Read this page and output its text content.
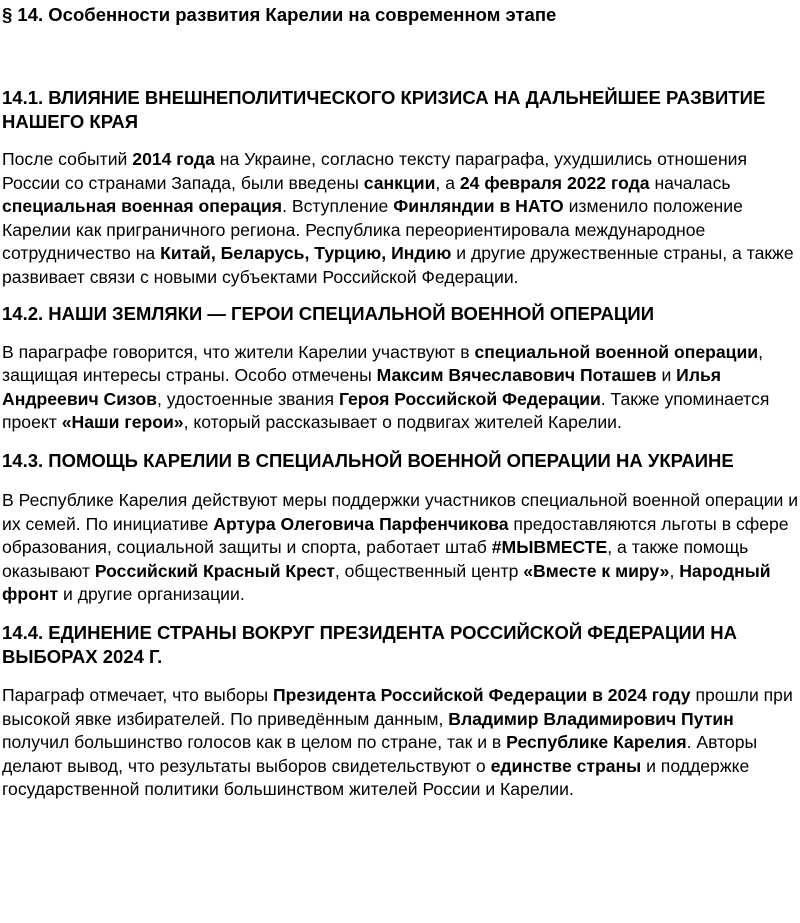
§ 14. Особенности развития Карелии на современном этапе
14.1. ВЛИЯНИЕ ВНЕШНЕПОЛИТИЧЕСКОГО КРИЗИСА НА ДАЛЬНЕЙШЕЕ РАЗВИТИЕ НАШЕГО КРАЯ

После событий 2014 года на Украине, согласно тексту параграфа, ухудшились отношения России со странами Запада, были введены санкции, а 24 февраля 2022 года началась специальная военная операция. Вступление Финляндии в НАТО изменило положение Карелии как приграничного региона. Республика переориентировала международное сотрудничество на Китай, Беларусь, Турцию, Индию и другие дружественные страны, а также развивает связи с новыми субъектами Российской Федерации.

14.2. НАШИ ЗЕМЛЯКИ — ГЕРОИ СПЕЦИАЛЬНОЙ ВОЕННОЙ ОПЕРАЦИИ

В параграфе говорится, что жители Карелии участвуют в специальной военной операции, защищая интересы страны. Особо отмечены Максим Вячеславович Поташев и Илья Андреевич Сизов, удостоенные звания Героя Российской Федерации. Также упоминается проект «Наши герои», который рассказывает о подвигах жителей Карелии.

14.3. ПОМОЩЬ КАРЕЛИИ В СПЕЦИАЛЬНОЙ ВОЕННОЙ ОПЕРАЦИИ НА УКРАИНЕ

В Республике Карелия действуют меры поддержки участников специальной военной операции и их семей. По инициативе Артура Олеговича Парфенчикова предоставляются льготы в сфере образования, социальной защиты и спорта, работает штаб #МЫВМЕСТЕ, а также помощь оказывают Российский Красный Крест, общественный центр «Вместе к миру», Народный фронт и другие организации.

14.4. ЕДИНЕНИЕ СТРАНЫ ВОКРУГ ПРЕЗИДЕНТА РОССИЙСКОЙ ФЕДЕРАЦИИ НА ВЫБОРАХ 2024 Г.

Параграф отмечает, что выборы Президента Российской Федерации в 2024 году прошли при высокой явке избирателей. По приведённым данным, Владимир Владимирович Путин получил большинство голосов как в целом по стране, так и в Республике Карелия. Авторы делают вывод, что результаты выборов свидетельствуют о единстве страны и поддержке государственной политики большинством жителей России и Карелии.
